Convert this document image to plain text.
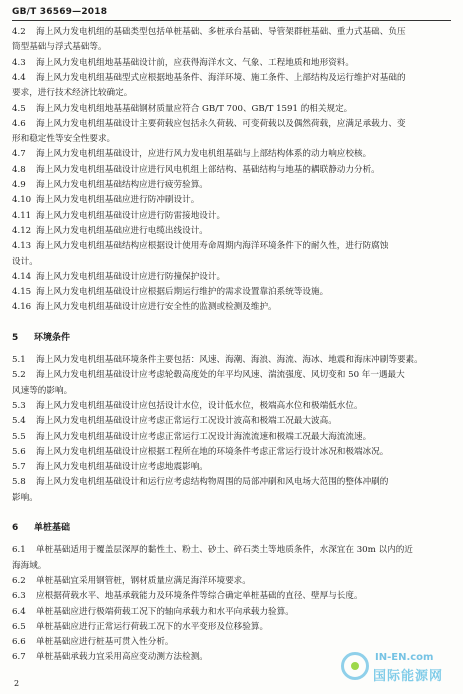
GB/T 36569—2018
4.2 海上风力发电机组的基础类型包括单桩基础、多桩承台基础、导管架群桩基础、重力式基础、负压
筒型基础与浮式基础等。
4.3 海上风力发电机组地基基础设计前，应获得海洋水文、气象、工程地质和地形资料。
4.4 海上风力发电机组基础型式应根据地基条件、海洋环境、施工条件、上部结构及运行维护对基础的
要求，进行技术经济比较确定。
4.5 海上风力发电机组地基基础钢材质量应符合 GB/T 700、GB/T 1591 的相关规定。
4.6 海上风力发电机组基础设计主要荷载应包括永久荷载、可变荷载以及偶然荷载，应满足承载力、变
形和稳定性等安全性要求。
4.7 海上风力发电机组基础设计，应进行风力发电机组基础与上部结构体系的动力响应校核。
4.8 海上风力发电机组基础设计应进行风电机组上部结构、基础结构与地基的耦联静动力分析。
4.9 海上风力发电机组基础结构应进行疲劳验算。
4.10 海上风力发电机组基础应进行防冲刷设计。
4.11 海上风力发电机组基础设计应进行防雷接地设计。
4.12 海上风力发电机组基础应进行电缆出线设计。
4.13 海上风力发电机组基础结构应根据设计使用寿命周期内海洋环境条件下的耐久性，进行防腐蚀
设计。
4.14 海上风力发电机组基础设计应进行防撞保护设计。
4.15 海上风力发电机组基础设计应根据后期运行维护的需求设置靠泊系统等设施。
4.16 海上风力发电机组基础设计应进行安全性的监测或检测及维护。
5 环境条件
5.1 海上风力发电机组基础环境条件主要包括：风速、海潮、海浪、海流、海冰、地震和海床冲刷等要素。
5.2 海上风力发电机组基础设计应考虑轮毂高度处的年平均风速、湍流强度、风切变和 50 年一遇最大
风速等的影响。
5.3 海上风力发电机组基础设计应包括设计水位，设计低水位，极端高水位和极端低水位。
5.4 海上风力发电机组基础设计应考虑正常运行工况设计波高和极端工况最大波高。
5.5 海上风力发电机组基础设计应考虑正常运行工况设计海流流速和极端工况最大海流流速。
5.6 海上风力发电机组基础设计应根据工程所在地的环境条件考虑正常运行设计冰况和极端冰况。
5.7 海上风力发电机组基础设计应考虑地震影响。
5.8 海上风力发电机组基础设计和运行应考虑结构物周围的局部冲刷和风电场大范围的整体冲刷的
影响。
6 单桩基础
6.1 单桩基础适用于覆盖层深厚的黏性土、粉土、砂土、碎石类土等地质条件，水深宜在 30m 以内的近
海海域。
6.2 单桩基础宜采用钢管桩，钢材质量应满足海洋环境要求。
6.3 应根据荷载水平、地基承载能力及环境条件等综合确定单桩基础的直径、壁厚与长度。
6.4 单桩基础应进行极端荷载工况下的轴向承载力和水平向承载力验算。
6.5 单桩基础应进行正常运行荷载工况下的水平变形及位移验算。
6.6 单桩基础应进行桩基可贯入性分析。
6.7 单桩基础承载力宜采用高应变动测方法检测。
2
IN-EN.com
国际能源网
